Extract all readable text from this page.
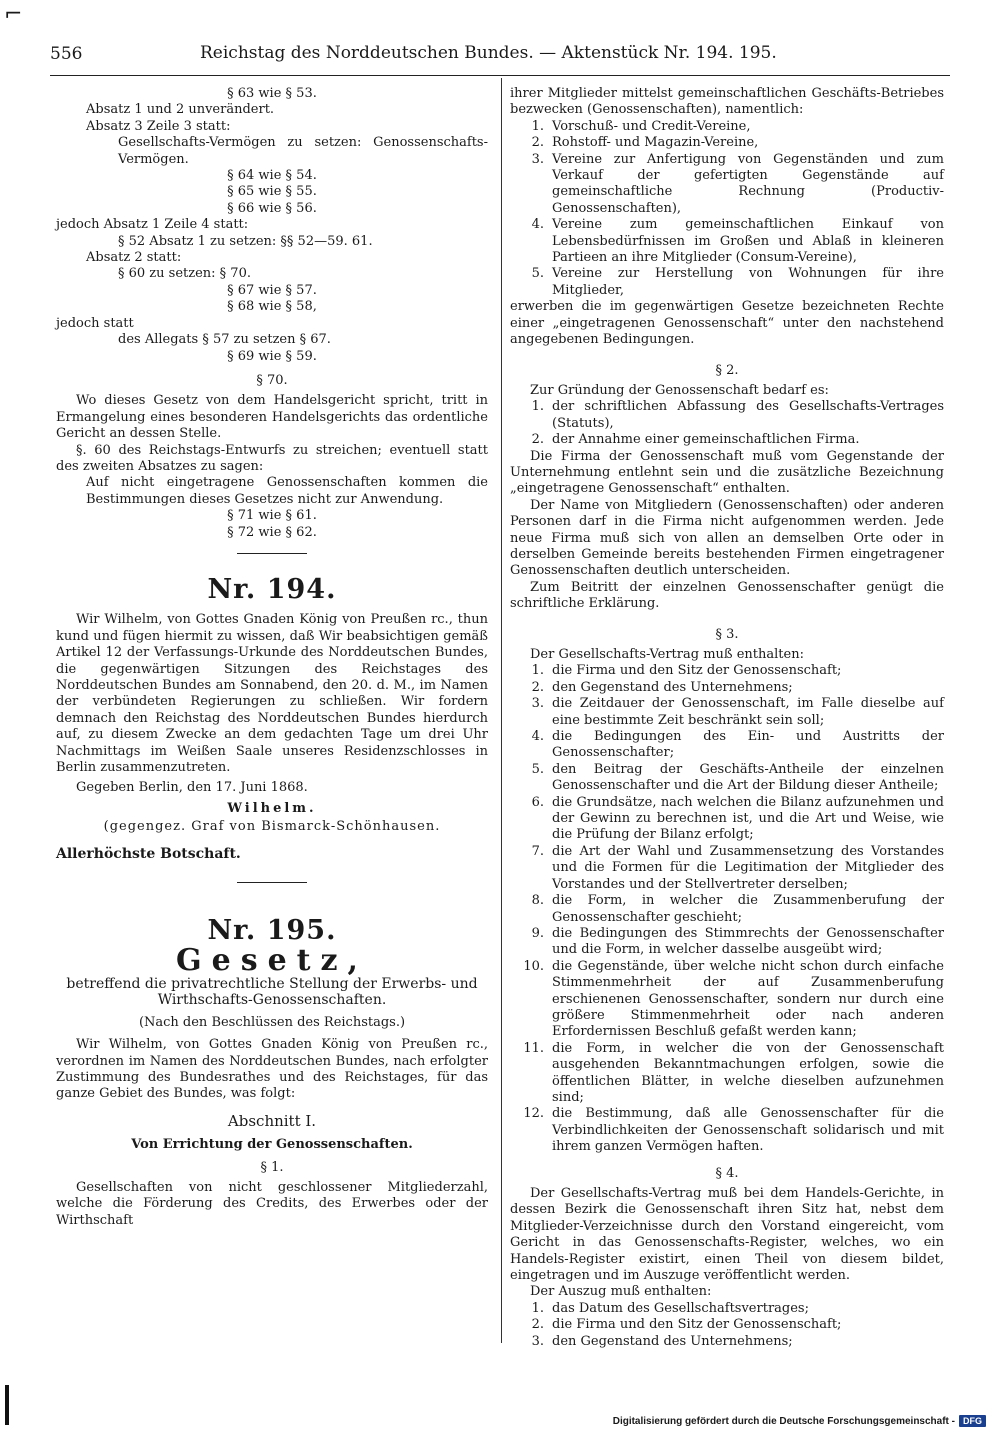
⌐
556	Reichstag des Norddeutschen Bundes. — Aktenstück Nr. 194. 195.

§ 63 wie § 53.

Absatz 1 und 2 unverändert.

Absatz 3 Zeile 3 statt:

Gesellschafts-Vermögen zu setzen: Genossenschafts-Vermögen.

§ 64 wie § 54.

§ 65 wie § 55.

§ 66 wie § 56.

jedoch Absatz 1 Zeile 4 statt:

§ 52 Absatz 1 zu setzen: §§ 52—59. 61.

Absatz 2 statt:

§ 60 zu setzen: § 70.

§ 67 wie § 57.

§ 68 wie § 58,

jedoch statt

des Allegats § 57 zu setzen § 67.

§ 69 wie § 59.

§ 70.

Wo dieses Gesetz von dem Handelsgericht spricht, tritt in Ermangelung eines besonderen Handelsgerichts das ordentliche Gericht an dessen Stelle.

§. 60 des Reichstags-Entwurfs zu streichen; eventuell statt des zweiten Absatzes zu sagen:

Auf nicht eingetragene Genossenschaften kommen die Bestimmungen dieses Gesetzes nicht zur Anwendung.

§ 71 wie § 61.

§ 72 wie § 62.

Nr. 194.

Wir Wilhelm, von Gottes Gnaden König von Preußen rc., thun kund und fügen hiermit zu wissen, daß Wir beabsichtigen gemäß Artikel 12 der Verfassungs-Urkunde des Norddeutschen Bundes, die gegenwärtigen Sitzungen des Reichstages des Norddeutschen Bundes am Sonnabend, den 20. d. M., im Namen der verbündeten Regierungen zu schließen. Wir fordern demnach den Reichstag des Norddeutschen Bundes hierdurch auf, zu diesem Zwecke an dem gedachten Tage um drei Uhr Nachmittags im Weißen Saale unseres Residenzschlosses in Berlin zusammenzutreten.

Gegeben Berlin, den 17. Juni 1868.

Wilhelm.

(gegengez. Graf von Bismarck-Schönhausen.

Allerhöchste Botschaft.

Nr. 195.

Gesetz,

betreffend die privatrechtliche Stellung der Erwerbs- und Wirthschafts-Genossenschaften.

(Nach den Beschlüssen des Reichstags.)

Wir Wilhelm, von Gottes Gnaden König von Preußen rc., verordnen im Namen des Norddeutschen Bundes, nach erfolgter Zustimmung des Bundesrathes und des Reichstages, für das ganze Gebiet des Bundes, was folgt:

Abschnitt I.

Von Errichtung der Genossenschaften.

§ 1.

Gesellschaften von nicht geschlossener Mitgliederzahl, welche die Förderung des Credits, des Erwerbes oder der Wirthschaft

ihrer Mitglieder mittelst gemeinschaftlichen Geschäfts-Betriebes bezwecken (Genossenschaften), namentlich:

1. Vorschuß- und Credit-Vereine,
2. Rohstoff- und Magazin-Vereine,
3. Vereine zur Anfertigung von Gegenständen und zum Verkauf der gefertigten Gegenstände auf gemeinschaftliche Rechnung (Productiv-Genossenschaften),
4. Vereine zum gemeinschaftlichen Einkauf von Lebensbedürfnissen im Großen und Ablaß in kleineren Partieen an ihre Mitglieder (Consum-Vereine),
5. Vereine zur Herstellung von Wohnungen für ihre Mitglieder,

erwerben die im gegenwärtigen Gesetze bezeichneten Rechte einer „eingetragenen Genossenschaft“ unter den nachstehend angegebenen Bedingungen.

§ 2.

Zur Gründung der Genossenschaft bedarf es:

1. der schriftlichen Abfassung des Gesellschafts-Vertrages (Statuts),
2. der Annahme einer gemeinschaftlichen Firma.

Die Firma der Genossenschaft muß vom Gegenstande der Unternehmung entlehnt sein und die zusätzliche Bezeichnung „eingetragene Genossenschaft“ enthalten.

Der Name von Mitgliedern (Genossenschaften) oder anderen Personen darf in die Firma nicht aufgenommen werden. Jede neue Firma muß sich von allen an demselben Orte oder in derselben Gemeinde bereits bestehenden Firmen eingetragener Genossenschaften deutlich unterscheiden.

Zum Beitritt der einzelnen Genossenschafter genügt die schriftliche Erklärung.

§ 3.

Der Gesellschafts-Vertrag muß enthalten:

1. die Firma und den Sitz der Genossenschaft;
2. den Gegenstand des Unternehmens;
3. die Zeitdauer der Genossenschaft, im Falle dieselbe auf eine bestimmte Zeit beschränkt sein soll;
4. die Bedingungen des Ein- und Austritts der Genossenschafter;
5. den Beitrag der Geschäfts-Antheile der einzelnen Genossenschafter und die Art der Bildung dieser Antheile;
6. die Grundsätze, nach welchen die Bilanz aufzunehmen und der Gewinn zu berechnen ist, und die Art und Weise, wie die Prüfung der Bilanz erfolgt;
7. die Art der Wahl und Zusammensetzung des Vorstandes und die Formen für die Legitimation der Mitglieder des Vorstandes und der Stellvertreter derselben;
8. die Form, in welcher die Zusammenberufung der Genossenschafter geschieht;
9. die Bedingungen des Stimmrechts der Genossenschafter und die Form, in welcher dasselbe ausgeübt wird;
10. die Gegenstände, über welche nicht schon durch einfache Stimmenmehrheit der auf Zusammenberufung erschienenen Genossenschafter, sondern nur durch eine größere Stimmenmehrheit oder nach anderen Erfordernissen Beschluß gefaßt werden kann;
11. die Form, in welcher die von der Genossenschaft ausgehenden Bekanntmachungen erfolgen, sowie die öffentlichen Blätter, in welche dieselben aufzunehmen sind;
12. die Bestimmung, daß alle Genossenschafter für die Verbindlichkeiten der Genossenschaft solidarisch und mit ihrem ganzen Vermögen haften.

§ 4.

Der Gesellschafts-Vertrag muß bei dem Handels-Gerichte, in dessen Bezirk die Genossenschaft ihren Sitz hat, nebst dem Mitglieder-Verzeichnisse durch den Vorstand eingereicht, vom Gericht in das Genossenschafts-Register, welches, wo ein Handels-Register existirt, einen Theil von diesem bildet, eingetragen und im Auszuge veröffentlicht werden.

Der Auszug muß enthalten:

1. das Datum des Gesellschaftsvertrages;
2. die Firma und den Sitz der Genossenschaft;
3. den Gegenstand des Unternehmens;
Digitalisierung gefördert durch die Deutsche Forschungsgemeinschaft - DFG
